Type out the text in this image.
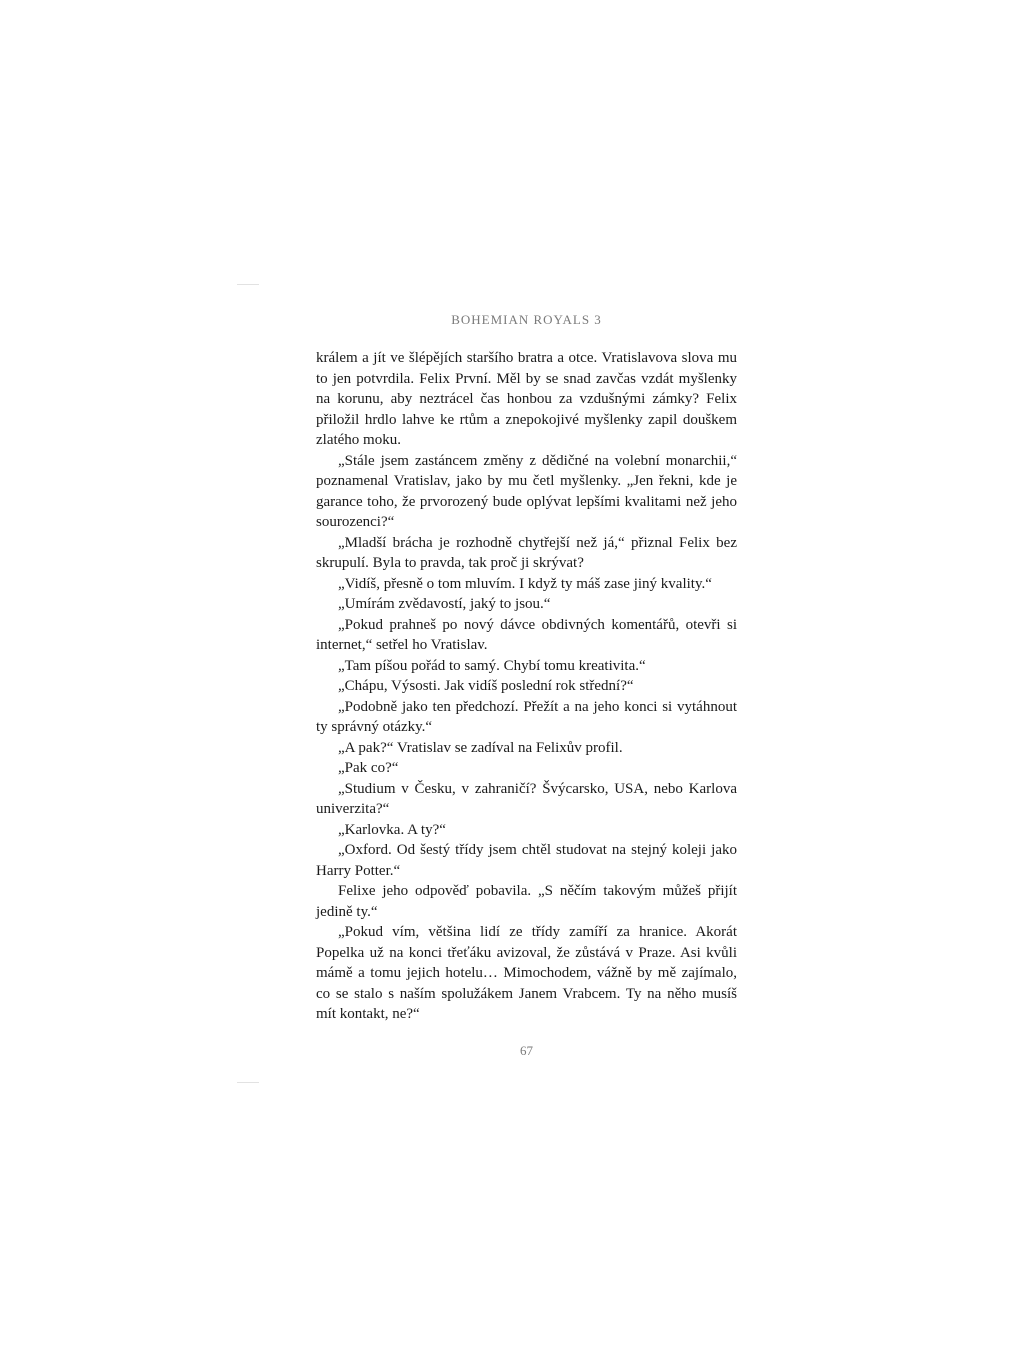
BOHEMIAN ROYALS 3

králem a jít ve šlépějích staršího bratra a otce. Vratislavova slova mu to jen potvrdila. Felix První. Měl by se snad zavčas vzdát myšlenky na korunu, aby neztrácel čas honbou za vzdušnými zámky? Felix přiložil hrdlo lahve ke rtům a znepokojivé myšlenky zapil douškem zlatého moku.

„Stále jsem zastáncem změny z dědičné na volební monarchii,“ poznamenal Vratislav, jako by mu četl myšlenky. „Jen řekni, kde je garance toho, že prvorozený bude oplývat lepšími kvalitami než jeho sourozenci?“

„Mladší brácha je rozhodně chytřejší než já,“ přiznal Felix bez skrupulí. Byla to pravda, tak proč ji skrývat?

„Vidíš, přesně o tom mluvím. I když ty máš zase jiný kvality.“

„Umírám zvědavostí, jaký to jsou.“

„Pokud prahneš po nový dávce obdivných komentářů, otevři si internet,“ setřel ho Vratislav.

„Tam píšou pořád to samý. Chybí tomu kreativita.“

„Chápu, Výsosti. Jak vidíš poslední rok střední?“

„Podobně jako ten předchozí. Přežít a na jeho konci si vytáhnout ty správný otázky.“

„A pak?“ Vratislav se zadíval na Felixův profil.

„Pak co?“

„Studium v Česku, v zahraničí? Švýcarsko, USA, nebo Karlova univerzita?“

„Karlovka. A ty?“

„Oxford. Od šestý třídy jsem chtěl studovat na stejný koleji jako Harry Potter.“

Felixe jeho odpověď pobavila. „S něčím takovým můžeš přijít jedině ty.“

„Pokud vím, většina lidí ze třídy zamíří za hranice. Akorát Popelka už na konci třeťáku avizoval, že zůstává v Praze. Asi kvůli mámě a tomu jejich hotelu… Mimochodem, vážně by mě zajímalo, co se stalo s naším spolužákem Janem Vrabcem. Ty na něho musíš mít kontakt, ne?“

67
